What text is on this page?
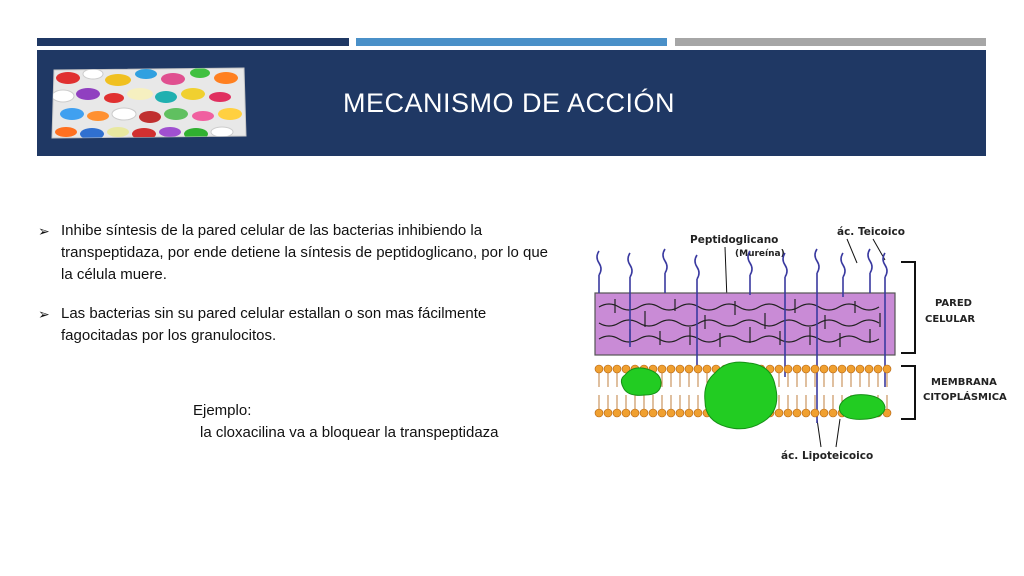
MECANISMO DE ACCIÓN
➢ Inhibe síntesis de la pared celular de las bacterias inhibiendo la transpeptidaza, por ende detiene la síntesis de peptidoglicano, por lo que la célula muere.
➢ Las bacterias sin su pared celular estallan o son mas fácilmente fagocitadas por los granulocitos.
Ejemplo:
la cloxacilina va a bloquear la transpeptidaza
Peptidoglicano
(Mureína)
ác. Teicoico
PARED
CELULAR
MEMBRANA
CITOPLÁSMICA
ác. Lipoteicoico
